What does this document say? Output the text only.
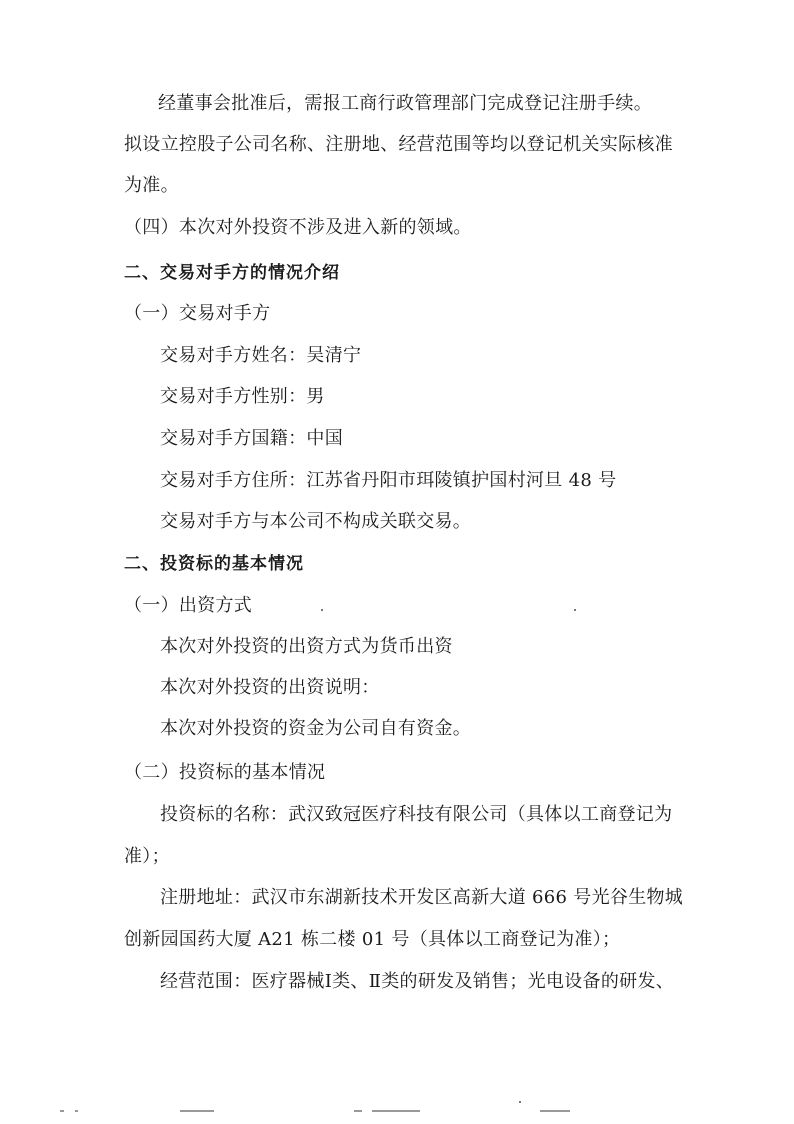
经董事会批准后，需报工商行政管理部门完成登记注册手续。
拟设立控股子公司名称、注册地、经营范围等均以登记机关实际核准
为准。
（四）本次对外投资不涉及进入新的领域。
二、交易对手方的情况介绍
（一）交易对手方
交易对手方姓名：吴清宁
交易对手方性别：男
交易对手方国籍：中国
交易对手方住所：江苏省丹阳市珥陵镇护国村河旦 48 号
交易对手方与本公司不构成关联交易。
二、投资标的基本情况
（一）出资方式
本次对外投资的出资方式为货币出资
本次对外投资的出资说明：
本次对外投资的资金为公司自有资金。
（二）投资标的基本情况
投资标的名称：武汉致冠医疗科技有限公司（具体以工商登记为
准）；
注册地址：武汉市东湖新技术开发区高新大道 666 号光谷生物城
创新园国药大厦 A21 栋二楼 01 号（具体以工商登记为准）；
经营范围：医疗器械Ⅰ类、Ⅱ类的研发及销售；光电设备的研发、
